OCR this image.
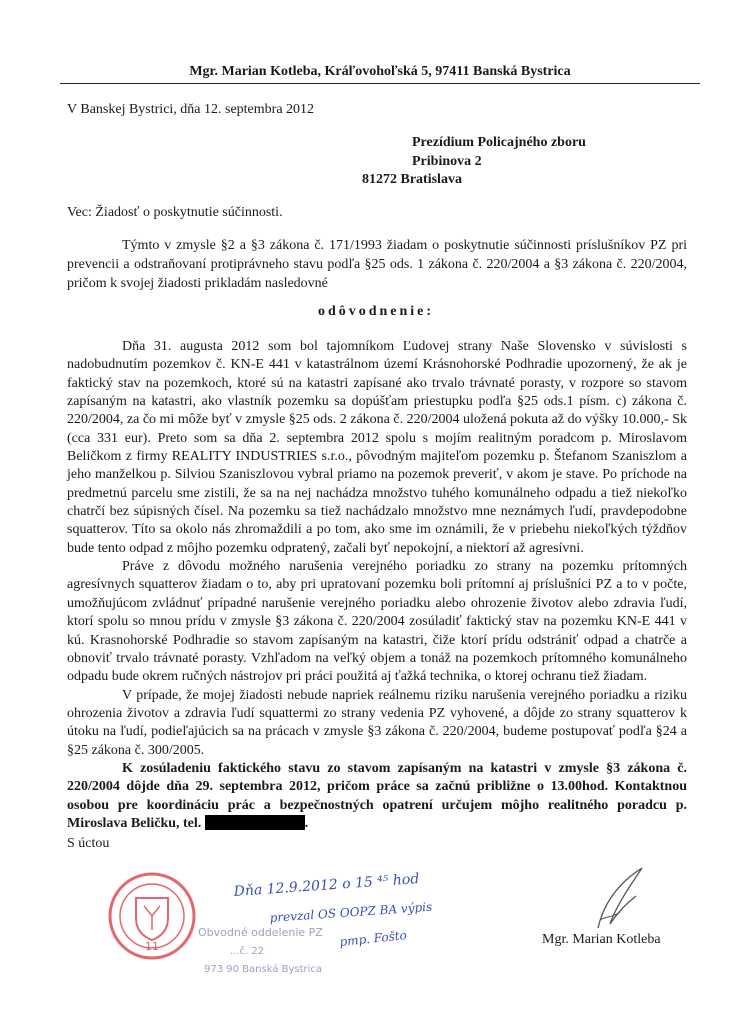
Mgr. Marian Kotleba, Kráľovohoľská 5, 97411 Banská Bystrica
V Banskej Bystrici, dňa 12. septembra 2012
Prezídium Policajného zboru
Pribinova 2
81272 Bratislava
Vec: Žiadosť o poskytnutie súčinnosti.

Týmto v zmysle §2 a §3 zákona č. 171/1993 žiadam o poskytnutie súčinnosti príslušníkov PZ pri prevencii a odstraňovaní protiprávneho stavu podľa §25 ods. 1 zákona č. 220/2004 a §3 zákona č. 220/2004, pričom k svojej žiadosti prikladám nasledovné

odôvodnenie:

Dňa 31. augusta 2012 som bol tajomníkom Ľudovej strany Naše Slovensko v súvislosti s nadobudnutím pozemkov č. KN-E 441 v katastrálnom území Krásnohorské Podhradie upozornený, že ak je faktický stav na pozemkoch, ktoré sú na katastri zapísané ako trvalo trávnaté porasty, v rozpore so stavom zapísaným na katastri, ako vlastník pozemku sa dopúšťam priestupku podľa §25 ods.1 písm. c) zákona č. 220/2004, za čo mi môže byť v zmysle §25 ods. 2 zákona č. 220/2004 uložená pokuta až do výšky 10.000,- Sk (cca 331 eur). Preto som sa dňa 2. septembra 2012 spolu s mojím realitným poradcom p. Miroslavom Beličkom z firmy REALITY INDUSTRIES s.r.o., pôvodným majiteľom pozemku p. Štefanom Szaniszlom a jeho manželkou p. Silviou Szaniszlovou vybral priamo na pozemok preveriť, v akom je stave. Po príchode na predmetnú parcelu sme zistili, že sa na nej nachádza množstvo tuhého komunálneho odpadu a tiež niekoľko chatrčí bez súpisných čísel. Na pozemku sa tiež nachádzalo množstvo mne neznámych ľudí, pravdepodobne squatterov. Títo sa okolo nás zhromaždili a po tom, ako sme im oznámili, že v priebehu niekoľkých týždňov bude tento odpad z môjho pozemku odpratený, začali byť nepokojní, a niektorí až agresívni.

Práve z dôvodu možného narušenia verejného poriadku zo strany na pozemku prítomných agresívnych squatterov žiadam o to, aby pri upratovaní pozemku boli prítomní aj príslušníci PZ a to v počte, umožňujúcom zvládnuť prípadné narušenie verejného poriadku alebo ohrozenie životov alebo zdravia ľudí, ktorí spolu so mnou prídu v zmysle §3 zákona č. 220/2004 zosúladiť faktický stav na pozemku KN-E 441 v kú. Krasnohorské Podhradie so stavom zapísaným na katastri, čiže ktorí prídu odstrániť odpad a chatrče a obnoviť trvalo trávnaté porasty. Vzhľadom na veľký objem a tonáž na pozemkoch prítomného komunálneho odpadu bude okrem ručných nástrojov pri práci použitá aj ťažká technika, o ktorej ochranu tiež žiadam.

V prípade, že mojej žiadosti nebude napriek reálnemu riziku narušenia verejného poriadku a riziku ohrozenia životov a zdravia ľudí squattermi zo strany vedenia PZ vyhovené, a dôjde zo strany squatterov k útoku na ľudí, podieľajúcich sa na prácach v zmysle §3 zákona č. 220/2004, budeme postupovať podľa §24 a §25 zákona č. 300/2005.

K zosúladeniu faktického stavu zo stavom zapísaným na katastri v zmysle §3 zákona č. 220/2004 dôjde dňa 29. septembra 2012, pričom práce sa začnú približne o 13.00hod. Kontaktnou osobou pre koordináciu prác a bezpečnostných opatrení určujem môjho realitného poradcu p. Miroslava Beličku, tel.	.

S úctou
11
Obvodné oddelenie PZ
...č. 22
973 90 Banská Bystrica
Dňa 12.9.2012 o 15 ⁴⁵ hod
prevzal OS OOPZ BA výpis
pmp. Fošto	Mgr. Marian Kotleba
